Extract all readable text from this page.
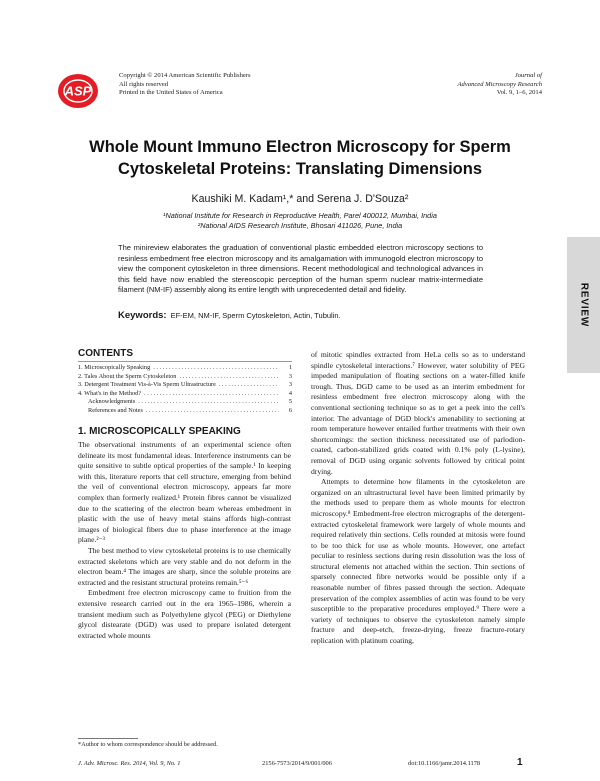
ASP
Copyright © 2014 American Scientific Publishers
All rights reserved
Printed in the United States of America
Journal of
Advanced Microscopy Research
Vol. 9, 1–6, 2014
Whole Mount Immuno Electron Microscopy for Sperm
Cytoskeletal Proteins: Translating Dimensions
Kaushiki M. Kadam¹,* and Serena J. D'Souza²
¹National Institute for Research in Reproductive Health, Parel 400012, Mumbai, India
²National AIDS Research Institute, Bhosari 411026, Pune, India
The minireview elaborates the graduation of conventional plastic embedded electron microscopy sections to resinless embedment free electron microscopy and its amalgamation with immunogold electron microscopy to view the component cytoskeleton in three dimensions. Recent methodological and technological advances in this field have now enabled the stereoscopic perception of the human sperm nuclear matrix-intermediate filament (NM-IF) assembly along its entire length with unprecedented detail and fidelity.
Keywords: EF-EM, NM-IF, Sperm Cytoskeleton, Actin, Tubulin.	REVIEW
CONTENTS
1. Microscopically Speaking . . .	1
2. Tales About the Sperm Cytoskeleton . . .	3
3. Detergent Treatment Vis-à-Vis Sperm Ultrastructure . . .	3
4. What's in the Method? . . .	4
Acknowledgments . . .	5
References and Notes . . .	6
1. MICROSCOPICALLY SPEAKING

The observational instruments of an experimental science often delineate its most fundamental ideas. Interference instruments can be quite sensitive to subtle optical properties of the sample.¹ In keeping with this, literature reports that cell structure, emerging from behind the veil of conventional electron microscopy, appears far more complex than formerly realized.¹ Protein fibres cannot be visualized due to the scattering of the electron beam whereas embedment in plastic with the use of heavy metal stains affords high-contrast images of biological fibers due to phase interference at the image plane.²⁻³

The best method to view cytoskeletal proteins is to use chemically extracted skeletons which are very stable and do not deform in the electron beam.⁴ The images are sharp, since the soluble proteins are extracted and the resistant structural proteins remain.⁵⁻⁶

Embedment free electron microscopy came to fruition from the extensive research carried out in the era 1965–1986, wherein a transient medium such as Polyethylene glycol (PEG) or Diethylene glycol distearate (DGD) was used to prepare isolated detergent extracted whole mounts

of mitotic spindles extracted from HeLa cells so as to understand spindle cytoskeletal interactions.⁷ However, water solubility of PEG impeded manipulation of floating sections on a water-filled knife trough. Thus, DGD came to be used as an interim embedment for resinless embedment free electron microscopy along with the conventional sectioning technique so as to get a peek into the cell's interior. The advantage of DGD block's amenability to sectioning at room temperature however entailed further treatments with their own shortcomings: the section thickness necessitated use of parlodion-coated, carbon-stabilized grids coated with 0.1% poly (L-lysine), removal of DGD using organic solvents followed by critical point drying.

Attempts to determine how filaments in the cytoskeleton are organized on an ultrastructural level have been limited primarily by the methods used to prepare them as whole mounts for electron microscopy.⁸ Embedment-free electron micrographs of the detergent-extracted cytoskeletal framework were largely of whole mounts and required relatively thin sections. Cells rounded at mitosis were found to be too thick for use as whole mounts. However, one artefact peculiar to resinless sections during resin dissolution was the loss of structural elements not attached within the section. Thin sections of sparsely connected fibre networks would be possible only if a reasonable number of fibres passed through the section. Adequate preservation of the complex assemblies of actin was found to be very susceptible to the preparative procedures employed.⁹ There were a variety of techniques to observe the cytoskeleton namely simple fracture and deep-etch, freeze-drying, freeze fracture-rotary replication with platinum coating,

*Author to whom correspondence should be addressed.
J. Adv. Microsc. Res. 2014, Vol. 9, No. 1	2156-7573/2014/9/001/006	doi:10.1166/jamr.2014.1178	1
